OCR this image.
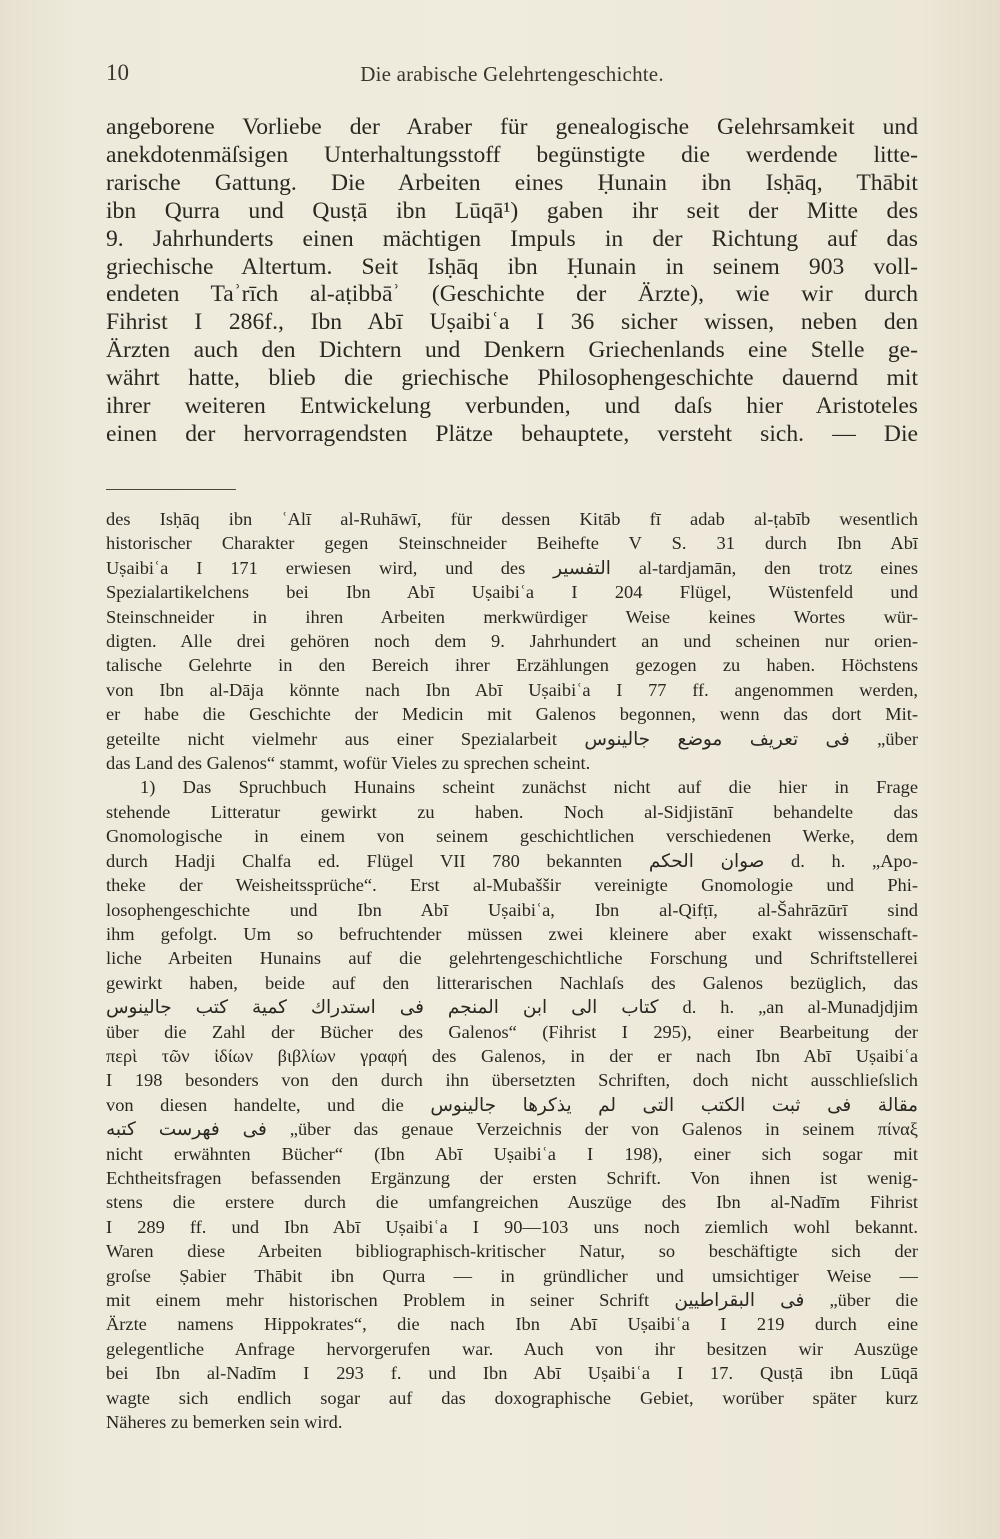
10	Die arabische Gelehrtengeschichte.
angeborene Vorliebe der Araber für genealogische Gelehrsamkeit und
anekdotenmäſsigen Unterhaltungsstoff begünstigte die werdende litte-
rarische Gattung. Die Arbeiten eines Ḥunain ibn Isḥāq, Thābit
ibn Qurra und Qusṭā ibn Lūqā¹) gaben ihr seit der Mitte des
9. Jahrhunderts einen mächtigen Impuls in der Richtung auf das
griechische Altertum. Seit Isḥāq ibn Ḥunain in seinem 903 voll-
endeten Taʾrīch al-aṭibbāʾ (Geschichte der Ärzte), wie wir durch
Fihrist I 286f., Ibn Abī Uṣaibiʿa I 36 sicher wissen, neben den
Ärzten auch den Dichtern und Denkern Griechenlands eine Stelle ge-
währt hatte, blieb die griechische Philosophengeschichte dauernd mit
ihrer weiteren Entwickelung verbunden, und daſs hier Aristoteles
einen der hervorragendsten Plätze behauptete, versteht sich. — Die
des Isḥāq ibn ʿAlī al-Ruhāwī, für dessen Kitāb fī adab al-ṭabīb wesentlich
historischer Charakter gegen Steinschneider Beihefte V S. 31 durch Ibn Abī
Uṣaibiʿa I 171 erwiesen wird, und des التفسير al-tardjamān, den trotz eines
Spezialartikelchens bei Ibn Abī Uṣaibiʿa I 204 Flügel, Wüstenfeld und
Steinschneider in ihren Arbeiten merkwürdiger Weise keines Wortes wür-
digten. Alle drei gehören noch dem 9. Jahrhundert an und scheinen nur orien-
talische Gelehrte in den Bereich ihrer Erzählungen gezogen zu haben. Höchstens
von Ibn al-Dāja könnte nach Ibn Abī Uṣaibiʿa I 77 ff. angenommen werden,
er habe die Geschichte der Medicin mit Galenos begonnen, wenn das dort Mit-
geteilte nicht vielmehr aus einer Spezialarbeit فى تعريف موضع جالينوس „über
das Land des Galenos“ stammt, wofür Vieles zu sprechen scheint.
1) Das Spruchbuch Hunains scheint zunächst nicht auf die hier in Frage
stehende Litteratur gewirkt zu haben. Noch al-Sidjistānī behandelte das
Gnomologische in einem von seinem geschichtlichen verschiedenen Werke, dem
durch Hadji Chalfa ed. Flügel VII 780 bekannten صوان الحكم d. h. „Apo-
theke der Weisheitssprüche“. Erst al-Mubaššir vereinigte Gnomologie und Phi-
losophengeschichte und Ibn Abī Uṣaibiʿa, Ibn al-Qifṭī, al-Šahrāzūrī sind
ihm gefolgt. Um so befruchtender müssen zwei kleinere aber exakt wissenschaft-
liche Arbeiten Hunains auf die gelehrtengeschichtliche Forschung und Schriftstellerei
gewirkt haben, beide auf den litterarischen Nachlaſs des Galenos bezüglich, das
كتاب الى ابن المنجم فى استدراك كمية كتب جالينوس d. h. „an al-Munadjdjim
über die Zahl der Bücher des Galenos“ (Fihrist I 295), einer Bearbeitung der
περὶ τῶν ἰδίων βιβλίων γραφή des Galenos, in der er nach Ibn Abī Uṣaibiʿa
I 198 besonders von den durch ihn übersetzten Schriften, doch nicht ausschlieſslich
von diesen handelte, und die مقالة فى ثبت الكتب التى لم يذكرها جالينوس
فى فهرست كتبه „über das genaue Verzeichnis der von Galenos in seinem πίναξ
nicht erwähnten Bücher“ (Ibn Abī Uṣaibiʿa I 198), einer sich sogar mit
Echtheitsfragen befassenden Ergänzung der ersten Schrift. Von ihnen ist wenig-
stens die erstere durch die umfangreichen Auszüge des Ibn al-Nadīm Fihrist
I 289 ff. und Ibn Abī Uṣaibiʿa I 90—103 uns noch ziemlich wohl bekannt.
Waren diese Arbeiten bibliographisch-kritischer Natur, so beschäftigte sich der
groſse Ṣabier Thābit ibn Qurra — in gründlicher und umsichtiger Weise —
mit einem mehr historischen Problem in seiner Schrift فى البقراطيين „über die
Ärzte namens Hippokrates“, die nach Ibn Abī Uṣaibiʿa I 219 durch eine
gelegentliche Anfrage hervorgerufen war. Auch von ihr besitzen wir Auszüge
bei Ibn al-Nadīm I 293 f. und Ibn Abī Uṣaibiʿa I 17. Qusṭā ibn Lūqā
wagte sich endlich sogar auf das doxographische Gebiet, worüber später kurz
Näheres zu bemerken sein wird.
